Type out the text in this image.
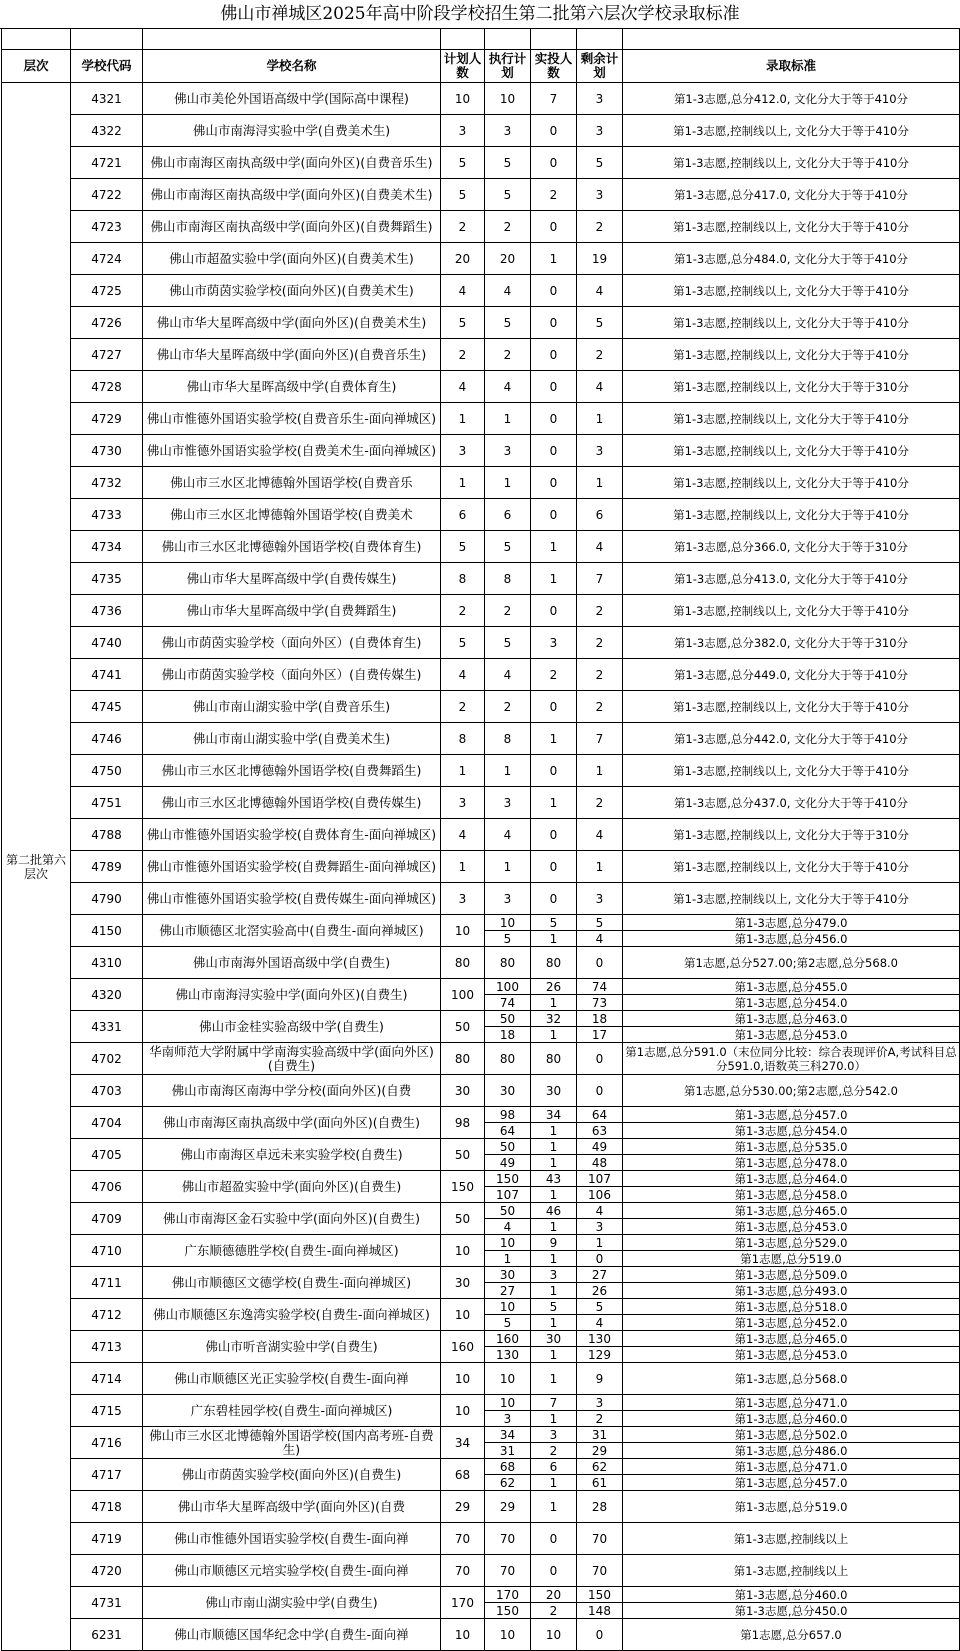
佛山市禅城区2025年高中阶段学校招生第二批第六层次学校录取标准

层次	学校代码	学校名称	计划人数	执行计划	实投人数	剩余计划	录取标准
第二批第六层次	4321	佛山市美伦外国语高级中学(国际高中课程)	10	10	7	3	第1-3志愿,总分412.0, 文化分大于等于410分
	4322	佛山市南海浔实验中学(自费美术生)	3	3	0	3	第1-3志愿,控制线以上, 文化分大于等于410分
	4721	佛山市南海区南执高级中学(面向外区)(自费音乐生)	5	5	0	5	第1-3志愿,控制线以上, 文化分大于等于410分
	4722	佛山市南海区南执高级中学(面向外区)(自费美术生)	5	5	2	3	第1-3志愿,总分417.0, 文化分大于等于410分
	4723	佛山市南海区南执高级中学(面向外区)(自费舞蹈生)	2	2	0	2	第1-3志愿,控制线以上, 文化分大于等于410分
	4724	佛山市超盈实验中学(面向外区)(自费美术生)	20	20	1	19	第1-3志愿,总分484.0, 文化分大于等于410分
	4725	佛山市荫茵实验学校(面向外区)(自费美术生)	4	4	0	4	第1-3志愿,控制线以上, 文化分大于等于410分
	4726	佛山市华大星晖高级中学(面向外区)(自费美术生)	5	5	0	5	第1-3志愿,控制线以上, 文化分大于等于410分
	4727	佛山市华大星晖高级中学(面向外区)(自费音乐生)	2	2	0	2	第1-3志愿,控制线以上, 文化分大于等于410分
	4728	佛山市华大星晖高级中学(自费体育生)	4	4	0	4	第1-3志愿,控制线以上, 文化分大于等于310分
	4729	佛山市惟德外国语实验学校(自费音乐生-面向禅城区)	1	1	0	1	第1-3志愿,控制线以上, 文化分大于等于410分
	4730	佛山市惟德外国语实验学校(自费美术生-面向禅城区)	3	3	0	3	第1-3志愿,控制线以上, 文化分大于等于410分
	4732	佛山市三水区北博德翰外国语学校(自费音乐	1	1	0	1	第1-3志愿,控制线以上, 文化分大于等于410分
	4733	佛山市三水区北博德翰外国语学校(自费美术	6	6	0	6	第1-3志愿,控制线以上, 文化分大于等于410分
	4734	佛山市三水区北博德翰外国语学校(自费体育生)	5	5	1	4	第1-3志愿,总分366.0, 文化分大于等于310分
	4735	佛山市华大星晖高级中学(自费传媒生)	8	8	1	7	第1-3志愿,总分413.0, 文化分大于等于410分
	4736	佛山市华大星晖高级中学(自费舞蹈生)	2	2	0	2	第1-3志愿,控制线以上, 文化分大于等于410分
	4740	佛山市荫茵实验学校（面向外区）(自费体育生)	5	5	3	2	第1-3志愿,总分382.0, 文化分大于等于310分
	4741	佛山市荫茵实验学校（面向外区）(自费传媒生)	4	4	2	2	第1-3志愿,总分449.0, 文化分大于等于410分
	4745	佛山市南山湖实验中学(自费音乐生)	2	2	0	2	第1-3志愿,控制线以上, 文化分大于等于410分
	4746	佛山市南山湖实验中学(自费美术生)	8	8	1	7	第1-3志愿,总分442.0, 文化分大于等于410分
	4750	佛山市三水区北博德翰外国语学校(自费舞蹈生)	1	1	0	1	第1-3志愿,控制线以上, 文化分大于等于410分
	4751	佛山市三水区北博德翰外国语学校(自费传媒生)	3	3	1	2	第1-3志愿,总分437.0, 文化分大于等于410分
	4788	佛山市惟德外国语实验学校(自费体育生-面向禅城区)	4	4	0	4	第1-3志愿,控制线以上, 文化分大于等于310分
	4789	佛山市惟德外国语实验学校(自费舞蹈生-面向禅城区)	1	1	0	1	第1-3志愿,控制线以上, 文化分大于等于410分
	4790	佛山市惟德外国语实验学校(自费传媒生-面向禅城区)	3	3	0	3	第1-3志愿,控制线以上, 文化分大于等于410分
	4150	佛山市顺德区北滘实验高中(自费生-面向禅城区)	10	10	5	5	第1-3志愿,总分479.0
				5	1	4	第1-3志愿,总分456.0
	4310	佛山市南海外国语高级中学(自费生)	80	80	80	0	第1志愿,总分527.00;第2志愿,总分568.0
	4320	佛山市南海浔实验中学(面向外区)(自费生)	100	100	26	74	第1-3志愿,总分455.0
				74	1	73	第1-3志愿,总分454.0
	4331	佛山市金桂实验高级中学(自费生)	50	50	32	18	第1-3志愿,总分463.0
				18	1	17	第1-3志愿,总分453.0
	4702	华南师范大学附属中学南海实验高级中学(面向外区)(自费生)	80	80	80	0	第1志愿,总分591.0（末位同分比较：综合表现评价A,考试科目总分591.0,语数英三科270.0）
	4703	佛山市南海区南海中学分校(面向外区)(自费	30	30	30	0	第1志愿,总分530.00;第2志愿,总分542.0
	4704	佛山市南海区南执高级中学(面向外区)(自费生)	98	98	34	64	第1-3志愿,总分457.0
				64	1	63	第1-3志愿,总分454.0
	4705	佛山市南海区卓远未来实验学校(自费生)	50	50	1	49	第1-3志愿,总分535.0
				49	1	48	第1-3志愿,总分478.0
	4706	佛山市超盈实验中学(面向外区)(自费生)	150	150	43	107	第1-3志愿,总分464.0
				107	1	106	第1-3志愿,总分458.0
	4709	佛山市南海区金石实验中学(面向外区)(自费生)	50	50	46	4	第1-3志愿,总分465.0
				4	1	3	第1-3志愿,总分453.0
	4710	广东顺德德胜学校(自费生-面向禅城区)	10	10	9	1	第1-3志愿,总分529.0
				1	1	0	第1志愿,总分519.0
	4711	佛山市顺德区文德学校(自费生-面向禅城区)	30	30	3	27	第1-3志愿,总分509.0
				27	1	26	第1-3志愿,总分493.0
	4712	佛山市顺德区东逸湾实验学校(自费生-面向禅城区)	10	10	5	5	第1-3志愿,总分518.0
				5	1	4	第1-3志愿,总分452.0
	4713	佛山市听音湖实验中学(自费生)	160	160	30	130	第1-3志愿,总分465.0
				130	1	129	第1-3志愿,总分453.0
	4714	佛山市顺德区光正实验学校(自费生-面向禅	10	10	1	9	第1-3志愿,总分568.0
	4715	广东碧桂园学校(自费生-面向禅城区)	10	10	7	3	第1-3志愿,总分471.0
				3	1	2	第1-3志愿,总分460.0
	4716	佛山市三水区北博德翰外国语学校(国内高考班-自费生)	34	34	3	31	第1-3志愿,总分502.0
				31	2	29	第1-3志愿,总分486.0
	4717	佛山市荫茵实验学校(面向外区)(自费生)	68	68	6	62	第1-3志愿,总分471.0
				62	1	61	第1-3志愿,总分457.0
	4718	佛山市华大星晖高级中学(面向外区)(自费	29	29	1	28	第1-3志愿,总分519.0
	4719	佛山市惟德外国语实验学校(自费生-面向禅	70	70	0	70	第1-3志愿,控制线以上
	4720	佛山市顺德区元培实验学校(自费生-面向禅	70	70	0	70	第1-3志愿,控制线以上
	4731	佛山市南山湖实验中学(自费生)	170	170	20	150	第1-3志愿,总分460.0
				150	2	148	第1-3志愿,总分450.0
	6231	佛山市顺德区国华纪念中学(自费生-面向禅	10	10	10	0	第1志愿,总分657.0
